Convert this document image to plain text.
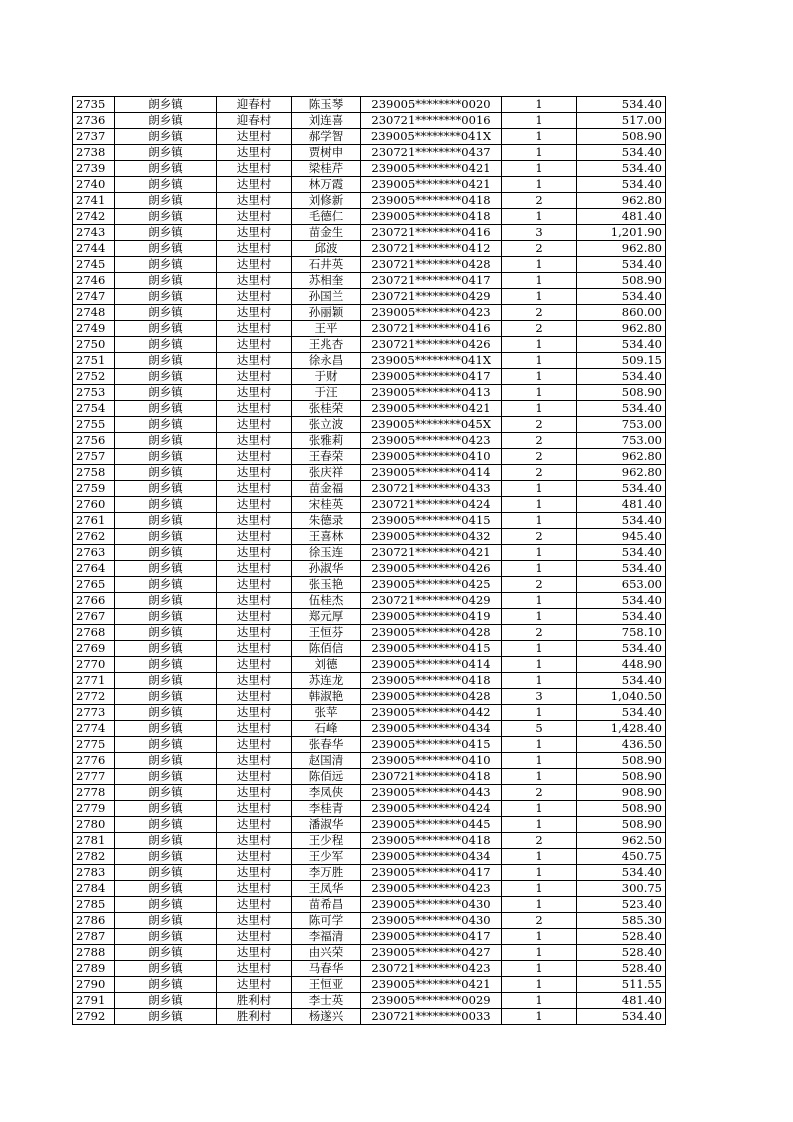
2735	朗乡镇	迎春村	陈玉琴	239005********0020	1	534.40
2736	朗乡镇	迎春村	刘连喜	230721********0016	1	517.00
2737	朗乡镇	达里村	郝学智	239005********041X	1	508.90
2738	朗乡镇	达里村	贾树申	230721********0437	1	534.40
2739	朗乡镇	达里村	梁桂芹	239005********0421	1	534.40
2740	朗乡镇	达里村	林万霞	239005********0421	1	534.40
2741	朗乡镇	达里村	刘修新	239005********0418	2	962.80
2742	朗乡镇	达里村	毛德仁	239005********0418	1	481.40
2743	朗乡镇	达里村	苗金生	230721********0416	3	1,201.90
2744	朗乡镇	达里村	邱波	230721********0412	2	962.80
2745	朗乡镇	达里村	石井英	230721********0428	1	534.40
2746	朗乡镇	达里村	苏相奎	230721********0417	1	508.90
2747	朗乡镇	达里村	孙国兰	230721********0429	1	534.40
2748	朗乡镇	达里村	孙丽颖	239005********0423	2	860.00
2749	朗乡镇	达里村	王平	230721********0416	2	962.80
2750	朗乡镇	达里村	王兆杏	230721********0426	1	534.40
2751	朗乡镇	达里村	徐永昌	239005********041X	1	509.15
2752	朗乡镇	达里村	于财	239005********0417	1	534.40
2753	朗乡镇	达里村	于汪	239005********0413	1	508.90
2754	朗乡镇	达里村	张桂荣	239005********0421	1	534.40
2755	朗乡镇	达里村	张立波	239005********045X	2	753.00
2756	朗乡镇	达里村	张雅莉	239005********0423	2	753.00
2757	朗乡镇	达里村	王春荣	239005********0410	2	962.80
2758	朗乡镇	达里村	张庆祥	239005********0414	2	962.80
2759	朗乡镇	达里村	苗金福	230721********0433	1	534.40
2760	朗乡镇	达里村	宋桂英	230721********0424	1	481.40
2761	朗乡镇	达里村	朱德录	239005********0415	1	534.40
2762	朗乡镇	达里村	王喜林	239005********0432	2	945.40
2763	朗乡镇	达里村	徐玉连	230721********0421	1	534.40
2764	朗乡镇	达里村	孙淑华	239005********0426	1	534.40
2765	朗乡镇	达里村	张玉艳	239005********0425	2	653.00
2766	朗乡镇	达里村	伍桂杰	230721********0429	1	534.40
2767	朗乡镇	达里村	郑元厚	239005********0419	1	534.40
2768	朗乡镇	达里村	王恒芬	239005********0428	2	758.10
2769	朗乡镇	达里村	陈佰信	239005********0415	1	534.40
2770	朗乡镇	达里村	刘德	239005********0414	1	448.90
2771	朗乡镇	达里村	苏连龙	239005********0418	1	534.40
2772	朗乡镇	达里村	韩淑艳	239005********0428	3	1,040.50
2773	朗乡镇	达里村	张苹	239005********0442	1	534.40
2774	朗乡镇	达里村	石峰	239005********0434	5	1,428.40
2775	朗乡镇	达里村	张春华	239005********0415	1	436.50
2776	朗乡镇	达里村	赵国清	239005********0410	1	508.90
2777	朗乡镇	达里村	陈佰远	230721********0418	1	508.90
2778	朗乡镇	达里村	李凤侠	239005********0443	2	908.90
2779	朗乡镇	达里村	李桂青	239005********0424	1	508.90
2780	朗乡镇	达里村	潘淑华	239005********0445	1	508.90
2781	朗乡镇	达里村	王少程	239005********0418	2	962.50
2782	朗乡镇	达里村	王少军	239005********0434	1	450.75
2783	朗乡镇	达里村	李万胜	239005********0417	1	534.40
2784	朗乡镇	达里村	王凤华	239005********0423	1	300.75
2785	朗乡镇	达里村	苗希昌	239005********0430	1	523.40
2786	朗乡镇	达里村	陈可学	239005********0430	2	585.30
2787	朗乡镇	达里村	李福清	239005********0417	1	528.40
2788	朗乡镇	达里村	由兴荣	239005********0427	1	528.40
2789	朗乡镇	达里村	马春华	230721********0423	1	528.40
2790	朗乡镇	达里村	王恒亚	239005********0421	1	511.55
2791	朗乡镇	胜利村	李士英	239005********0029	1	481.40
2792	朗乡镇	胜利村	杨遂兴	230721********0033	1	534.40
